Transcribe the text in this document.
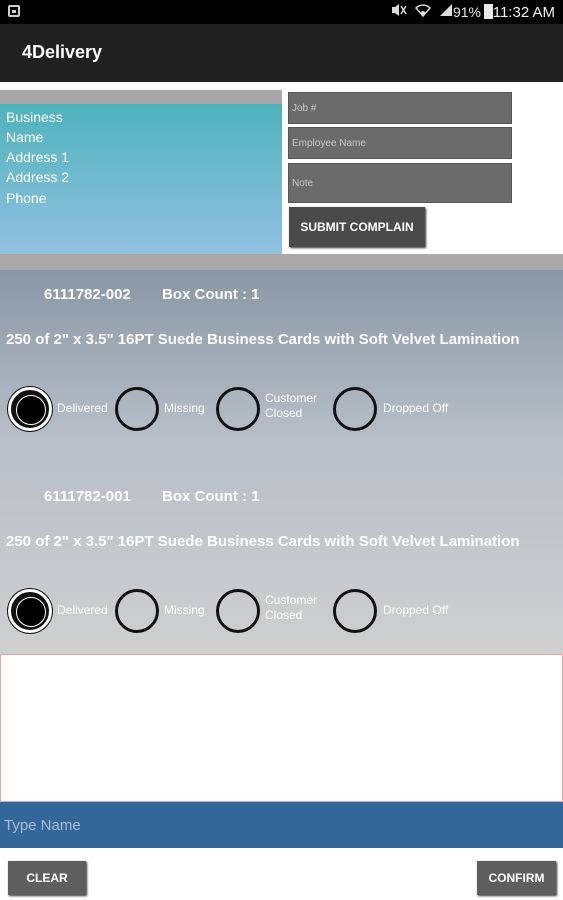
91% 11:32 AM
4Delivery
Business
Name
Address 1
Address 2
Phone
Job #
Employee Name
Note
SUBMIT COMPLAIN
6111782-002 Box Count : 1
250 of 2" x 3.5" 16PT Suede Business Cards with Soft Velvet Lamination
Delivered	Missing
Customer
Closed	Dropped Off
6111782-001 Box Count : 1
250 of 2" x 3.5" 16PT Suede Business Cards with Soft Velvet Lamination
Delivered	Missing
Customer
Closed	Dropped Off
Type Name
CLEAR	CONFIRM
